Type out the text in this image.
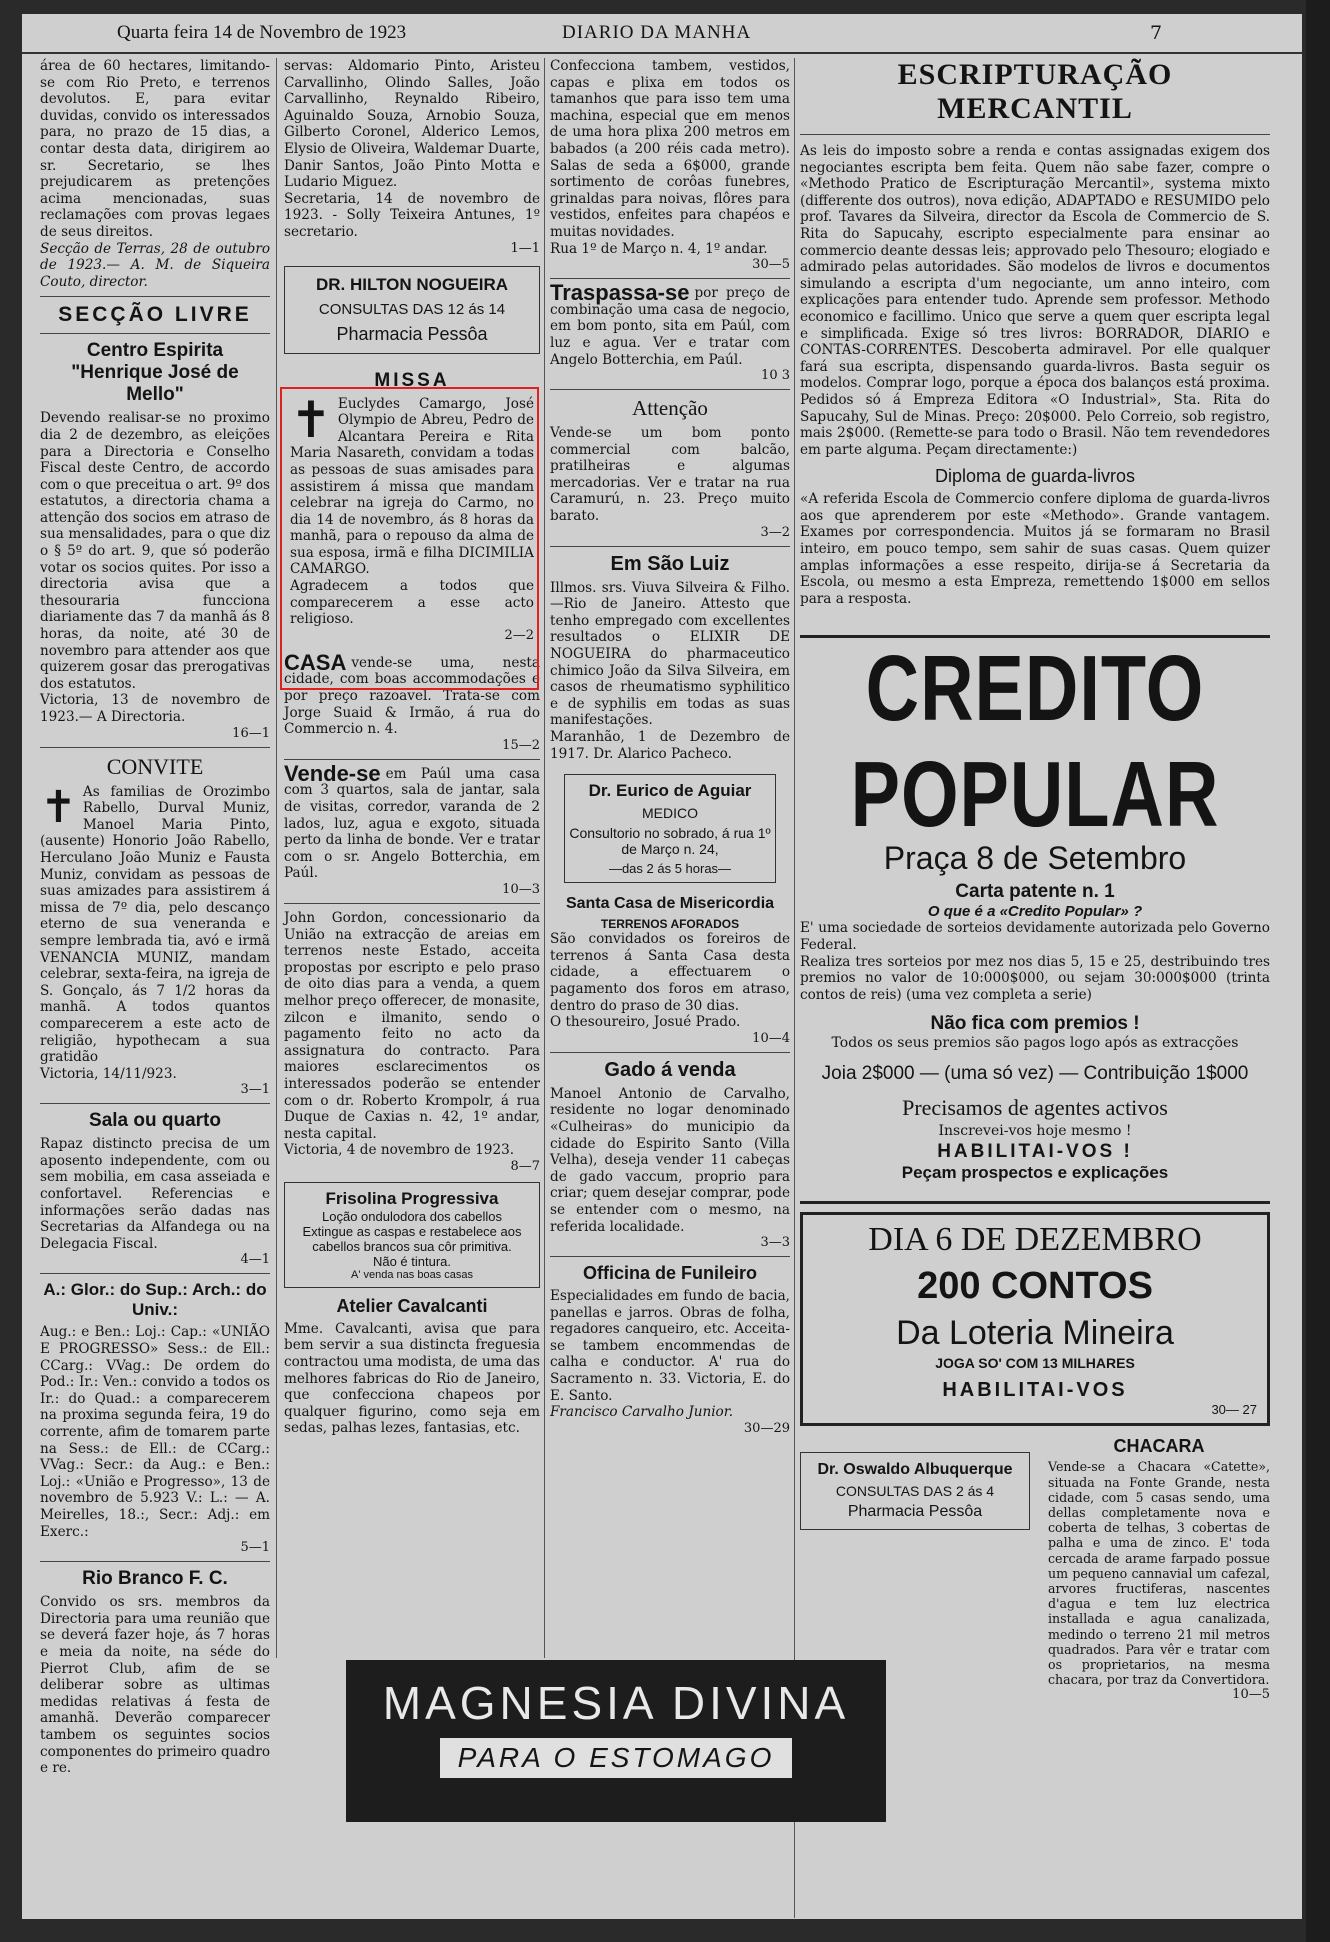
Quarta feira 14 de Novembro de 1923	DIARIO DA MANHA	7

área de 60 hectares, limitando-se com Rio Preto, e terrenos devolutos. E, para evitar duvidas, convido os interessados para, no prazo de 15 dias, a contar desta data, dirigirem ao sr. Secretario, se lhes prejudicarem as pretenções acima mencionadas, suas reclamações com provas legaes de seus direitos.

Secção de Terras, 28 de outubro de 1923.— A. M. de Siqueira Couto, director.

SECÇÃO LIVRE
Centro Espirita "Henrique José de Mello"

Devendo realisar-se no proximo dia 2 de dezembro, as eleições para a Directoria e Conselho Fiscal deste Centro, de accordo com o que preceitua o art. 9º dos estatutos, a directoria chama a attenção dos socios em atraso de sua mensalidades, para o que diz o § 5º do art. 9, que só poderão votar os socios quites. Por isso a directoria avisa que a thesouraria funcciona diariamente das 7 da manhã ás 8 horas, da noite, até 30 de novembro para attender aos que quizerem gosar das prerogativas dos estatutos.

Victoria, 13 de novembro de 1923.— A Directoria.

16—1
CONVITE
✝ As familias de Orozimbo Rabello, Durval Muniz, Manoel Maria Pinto, (ausente) Honorio João Rabello, Herculano João Muniz e Fausta Muniz, convidam as pessoas de suas amizades para assistirem á missa de 7º dia, pelo descanço eterno de sua veneranda e sempre lembrada tia, avó e irmã VENANCIA MUNIZ, mandam celebrar, sexta-feira, na igreja de S. Gonçalo, ás 7 1/2 horas da manhã. A todos quantos comparecerem a este acto de religião, hypothecam a sua gratidão

Victoria, 14/11/923.

3—1
Sala ou quarto

Rapaz distincto precisa de um aposento independente, com ou sem mobilia, em casa asseiada e confortavel. Referencias e informações serão dadas nas Secretarias da Alfandega ou na Delegacia Fiscal.

4—1
A.: Glor.: do Sup.: Arch.: do Univ.:

Aug.: e Ben.: Loj.: Cap.: «UNIÃO E PROGRESSO» Sess.: de Ell.: CCarg.: VVag.: De ordem do Pod.: Ir.: Ven.: convido a todos os Ir.: do Quad.: a comparecerem na proxima segunda feira, 19 do corrente, afim de tomarem parte na Sess.: de Ell.: de CCarg.: VVag.: Secr.: da Aug.: e Ben.: Loj.: «União e Progresso», 13 de novembro de 5.923 V.: L.: — A. Meirelles, 18.:, Secr.: Adj.: em Exerc.:

5—1
Rio Branco F. C.

Convido os srs. membros da Directoria para uma reunião que se deverá fazer hoje, ás 7 horas e meia da noite, na séde do Pierrot Club, afim de se deliberar sobre as ultimas medidas relativas á festa de amanhã. Deverão comparecer tambem os seguintes socios componentes do primeiro quadro e re.

servas: Aldomario Pinto, Aristeu Carvallinho, Olindo Salles, João Carvallinho, Reynaldo Ribeiro, Aguinaldo Souza, Arnobio Souza, Gilberto Coronel, Alderico Lemos, Elysio de Oliveira, Waldemar Duarte, Danir Santos, João Pinto Motta e Ludario Miguez.

Secretaria, 14 de novembro de 1923. - Solly Teixeira Antunes, 1º secretario.

1—1
DR. HILTON NOGUEIRA
CONSULTAS DAS 12 ás 14
Pharmacia Pessôa
MISSA
✝ Euclydes Camargo, José Olympio de Abreu, Pedro de Alcantara Pereira e Rita Maria Nasareth, convidam a todas as pessoas de suas amisades para assistirem á missa que mandam celebrar na igreja do Carmo, no dia 14 de novembro, ás 8 horas da manhã, para o repouso da alma de sua esposa, irmã e filha DICIMILIA CAMARGO.

Agradecem a todos que comparecerem a esse acto religioso.

2—2

CASA vende-se uma, nesta cidade, com boas accommodações e por preço razoavel. Trata-se com Jorge Suaid & Irmão, á rua do Commercio n. 4.

15—2

Vende-se em Paúl uma casa com 3 quartos, sala de jantar, sala de visitas, corredor, varanda de 2 lados, luz, agua e exgoto, situada perto da linha de bonde. Ver e tratar com o sr. Angelo Botterchia, em Paúl.

10—3

John Gordon, concessionario da União na extracção de areias em terrenos neste Estado, acceita propostas por escripto e pelo praso de oito dias para a venda, a quem melhor preço offerecer, de monasite, zilcon e ilmanito, sendo o pagamento feito no acto da assignatura do contracto. Para maiores esclarecimentos os interessados poderão se entender com o dr. Roberto Krompolr, á rua Duque de Caxias n. 42, 1º andar, nesta capital.

Victoria, 4 de novembro de 1923.

8—7
Frisolina Progressiva
Loção ondulodora dos cabellos
Extingue as caspas e restabelece aos cabellos brancos sua côr primitiva.
Não é tintura.
A' venda nas boas casas
Atelier Cavalcanti

Mme. Cavalcanti, avisa que para bem servir a sua distincta freguesia contractou uma modista, de uma das melhores fabricas do Rio de Janeiro, que confecciona chapeos por qualquer figurino, como seja em sedas, palhas lezes, fantasias, etc.

Confecciona tambem, vestidos, capas e plixa em todos os tamanhos que para isso tem uma machina, especial que em menos de uma hora plixa 200 metros em babados (a 200 réis cada metro). Salas de seda a 6$000, grande sortimento de corôas funebres, grinaldas para noivas, flôres para vestidos, enfeites para chapéos e muitas novidades.

Rua 1º de Março n. 4, 1º andar.

30—5

Traspassa-se por preço de combinação uma casa de negocio, em bom ponto, sita em Paúl, com luz e agua. Ver e tratar com Angelo Botterchia, em Paúl.

10 3
Attenção

Vende-se um bom ponto commercial com balcão, pratilheiras e algumas mercadorias. Ver e tratar na rua Caramurú, n. 23. Preço muito barato.

3—2
Em São Luiz

Illmos. srs. Viuva Silveira & Filho.—Rio de Janeiro. Attesto que tenho empregado com excellentes resultados o ELIXIR DE NOGUEIRA do pharmaceutico chimico João da Silva Silveira, em casos de rheumatismo syphilitico e de syphilis em todas as suas manifestações.

Maranhão, 1 de Dezembro de 1917. Dr. Alarico Pacheco.

Dr. Eurico de Aguiar
MEDICO
Consultorio no sobrado, á rua 1º de Março n. 24,
—das 2 ás 5 horas—
Santa Casa de Misericordia
TERRENOS AFORADOS

São convidados os foreiros de terrenos á Santa Casa desta cidade, a effectuarem o pagamento dos foros em atraso, dentro do praso de 30 dias.

O thesoureiro, Josué Prado.

10—4
Gado á venda

Manoel Antonio de Carvalho, residente no logar denominado «Culheiras» do municipio da cidade do Espirito Santo (Villa Velha), deseja vender 11 cabeças de gado vaccum, proprio para criar; quem desejar comprar, pode se entender com o mesmo, na referida localidade.

3—3
Officina de Funileiro

Especialidades em fundo de bacia, panellas e jarros. Obras de folha, regadores canqueiro, etc. Acceita-se tambem encommendas de calha e conductor. A' rua do Sacramento n. 33. Victoria, E. do E. Santo.

Francisco Carvalho Junior.

30—29
ESCRIPTURAÇÃO MERCANTIL

As leis do imposto sobre a renda e contas assignadas exigem dos negociantes escripta bem feita. Quem não sabe fazer, compre o «Methodo Pratico de Escripturação Mercantil», systema mixto (differente dos outros), nova edição, ADAPTADO e RESUMIDO pelo prof. Tavares da Silveira, director da Escola de Commercio de S. Rita do Sapucahy, escripto especialmente para ensinar ao commercio deante dessas leis; approvado pelo Thesouro; elogiado e admirado pelas autoridades. São modelos de livros e documentos simulando a escripta d'um negociante, um anno inteiro, com explicações para entender tudo. Aprende sem professor. Methodo economico e facillimo. Unico que serve a quem quer escripta legal e simplificada. Exige só tres livros: BORRADOR, DIARIO e CONTAS-CORRENTES. Descoberta admiravel. Por elle qualquer fará sua escripta, dispensando guarda-livros. Basta seguir os modelos. Comprar logo, porque a época dos balanços está proxima. Pedidos só á Empreza Editora «O Industrial», Sta. Rita do Sapucahy, Sul de Minas. Preço: 20$000. Pelo Correio, sob registro, mais 2$000. (Remette-se para todo o Brasil. Não tem revendedores em parte alguma. Peçam directamente:)

Diploma de guarda-livros

«A referida Escola de Commercio confere diploma de guarda-livros aos que aprenderem por este «Methodo». Grande vantagem. Exames por correspondencia. Muitos já se formaram no Brasil inteiro, em pouco tempo, sem sahir de suas casas. Quem quizer amplas informações a esse respeito, dirija-se á Secretaria da Escola, ou mesmo a esta Empreza, remettendo 1$000 em sellos para a resposta.

CREDITO POPULAR
Praça 8 de Setembro
Carta patente n. 1
O que é a «Credito Popular» ?

E' uma sociedade de sorteios devidamente autorizada pelo Governo Federal.

Realiza tres sorteios por mez nos dias 5, 15 e 25, destribuindo tres premios no valor de 10:000$000, ou sejam 30:000$000 (trinta contos de reis) (uma vez completa a serie)

Não fica com premios !
Todos os seus premios são pagos logo após as extracções
Joia 2$000 — (uma só vez) — Contribuição 1$000
Precisamos de agentes activos
Inscrevei-vos hoje mesmo !
HABILITAI-VOS !
Peçam prospectos e explicações
DIA 6 DE DEZEMBRO
200 CONTOS
Da Loteria Mineira
JOGA SO' COM 13 MILHARES
HABILITAI-VOS
30— 27
Dr. Oswaldo Albuquerque
CONSULTAS DAS 2 ás 4
Pharmacia Pessôa
CHACARA

Vende-se a Chacara «Catette», situada na Fonte Grande, nesta cidade, com 5 casas sendo, uma dellas completamente nova e coberta de telhas, 3 cobertas de palha e uma de zinco. E' toda cercada de arame farpado possue um pequeno cannavial um cafezal, arvores fructiferas, nascentes d'agua e tem luz electrica installada e agua canalizada, medindo o terreno 21 mil metros quadrados. Para vêr e tratar com os proprietarios, na mesma chacara, por traz da Convertidora.

10—5
MAGNESIA DIVINA
PARA O ESTOMAGO
